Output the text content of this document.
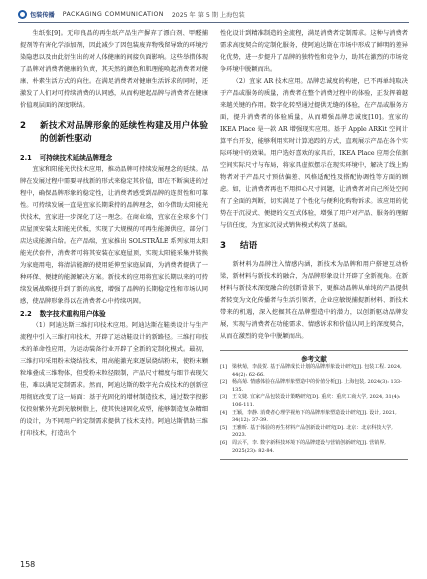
包装传播 PACKAGING COMMUNICATION 2025 年 第 5 期 上海包装

生纸张[9]。无印良品的再生纸产品生产摒弃了漂白剂、甲醛捕捉剂等有害化学添加剂，因此减少了因包装废弃物残留导致的环境污染隐患以及由此衍生出的对人体健康的间接负面影响。这些举措体现了品牌对消费者健康的负责，其天然的颜色和肌理能唤起消费者对健康、朴素生活方式的向往。在满足消费者对健康生活诉求的同时，还激发了人们对可持续消费的认同感，从而构建起品牌与消费者在健康价值观层面的深度联结。

2	新技术对品牌形象的延续性构建及用户体验的创新性驱动
2.1 可持续技术延续品牌理念

宜家和阳能光伏技术应用，推动品牌可持续发展理念的延续。品牌在发展过程中需要寻找新的形式来稳定其价值，即在不断演进的过程中，确保品牌形象的稳定性，让消费者感受到品牌的连贯性和可靠性。可持续发展一直是宜家长期秉持的品牌理念，如今借助太阳能光伏技术，宜家进一步深化了这一理念。在商业端，宜家在全球多个门店屋顶安装太阳能光伏板，实现了大规模的可再生能源供应，部分门店达成能源自给。在产品端，宜家推出 SOLSTRÅLE 系列家用太阳能光伏套件，消费者可将其安装在家庭屋顶，实现太阳能采集并转换为家庭用电，将清洁能源的使用延伸至家庭层面，为消费者提供了一种环保、便捷的能源解决方案。新技术的应用将宜家长期以来的可持续发展战略提升到了新的高度，增强了品牌的长期稳定性和市场认同感，使品牌形象得以在消费者心中持续巩固。

2.2 数字技术重构用户体验

（1）阿迪达斯三维打印技术应用。阿迪达斯在鞋类设计与生产流程中引入三维打印技术，开辟了运动鞋设计的新路径。三维打印技术的革命性应用，为运动装备行业开辟了全新的定制化模式。最初，三维打印采用粉末烧结技术，用高能激光束逐层烧结粉末，使粉末颗粒堆叠成三维物体，但受粉末粒径限制，产品尺寸精度与细节表现欠佳，难以满足定制需求。然而，阿迪达斯的数字光合成技术的创新应用彻底改变了这一局面：基于光固化的增材制造技术，通过数字投影仪投射紫外光到光敏树脂上，使其快速固化成型，能够制造复杂精细的设计，为不同用户的定制需求提供了技术支持。阿迪达斯借助三维打印技术，打造出个

性化设计到精准制造的全流程，满足消费者定制需求。这种与消费者需求高度契合的定制化服务，使阿迪达斯在市场中形成了鲜明的差异化优势，进一步提升了品牌的独特性和竞争力，助其在激烈的市场竞争环境中脱颖而出。

（2）宜家 AR 技术应用。品牌忠诚度的构建，已不再单纯取决于产品或服务的质量，消费者在整个消费过程中的体验，正发挥着越来越关键的作用。数字化转型通过提供无缝的体验，在产品或服务方面，提升消费者的体验质量，从而增强品牌忠诚度[10]。宜家的 IKEA Place 是一款 AR 增强现实应用。基于 Apple ARKit 空间计算平台开发，能够利用实时计算追踪的方式，直观展示产品在各个实际环境中的效果。用户选好喜欢的家具后，IKEA Place 应用会依据空间实际尺寸与布局，将家具虚拟摆示在现实环境中，解决了线上购物者对于产品尺寸预估偏差、风格适配性及搭配协调性等方面的顾虑。如，让消费者再也不用担心尺寸问题，让消费者对自己所处空间有了全面的判断，切实满足了个性化与便利化购物诉求。该应用的优势在于沉浸式、便捷的交互式体验，增强了用户对产品、服务的理解与信任度，为宜家沉浸式销售模式构筑了基础。

3	结语

新材料为品牌注入情感内涵，新技术为品牌和用户搭建互动桥梁，新材料与新技术的融合，为品牌形象设计开辟了全新视角。在新材料与新技术深度融合的创新背景下，更推动品牌从单纯的产品提供者转变为文化传播者与生活引领者，企业应敏锐捕捉新材料、新技术带来的机遇，深入挖掘其在品牌塑造中的潜力，以创新驱动品牌发展，实现与消费者在功能需求、情感诉求和价值认同上的深度契合，从而在激烈的竞争中脱颖而出。

参考文献
[1] 梁秋菊，李晨贺. 基于品牌成长计划的品牌形象设计研究[J]. 包装工程. 2024, 44(2): 62-66.
[2] 杨高菊. 情感体验在品牌形象塑造中的价值分析[J]. 上海包装, 2024(3): 133-135.
[3] 王文婕. 宜家产品包装设计策略研究[D]. 重庆：重庆工商大学, 2024, 31(4): 106-111.
[4] 王颖，李静. 消费者心理学视角下的品牌形象塑造设计研究[J]. 设计, 2021, 34(12): 37-39.
[5] 王雅昕. 基于体验的再生材料产品创新设计研究[D]. 北京：北京科技大学, 2023.
[6] 周云平，李. 数字新科技环境下的品牌建设与营销创新研究[J]. 营销界, 2025(23): 82-84.
158
